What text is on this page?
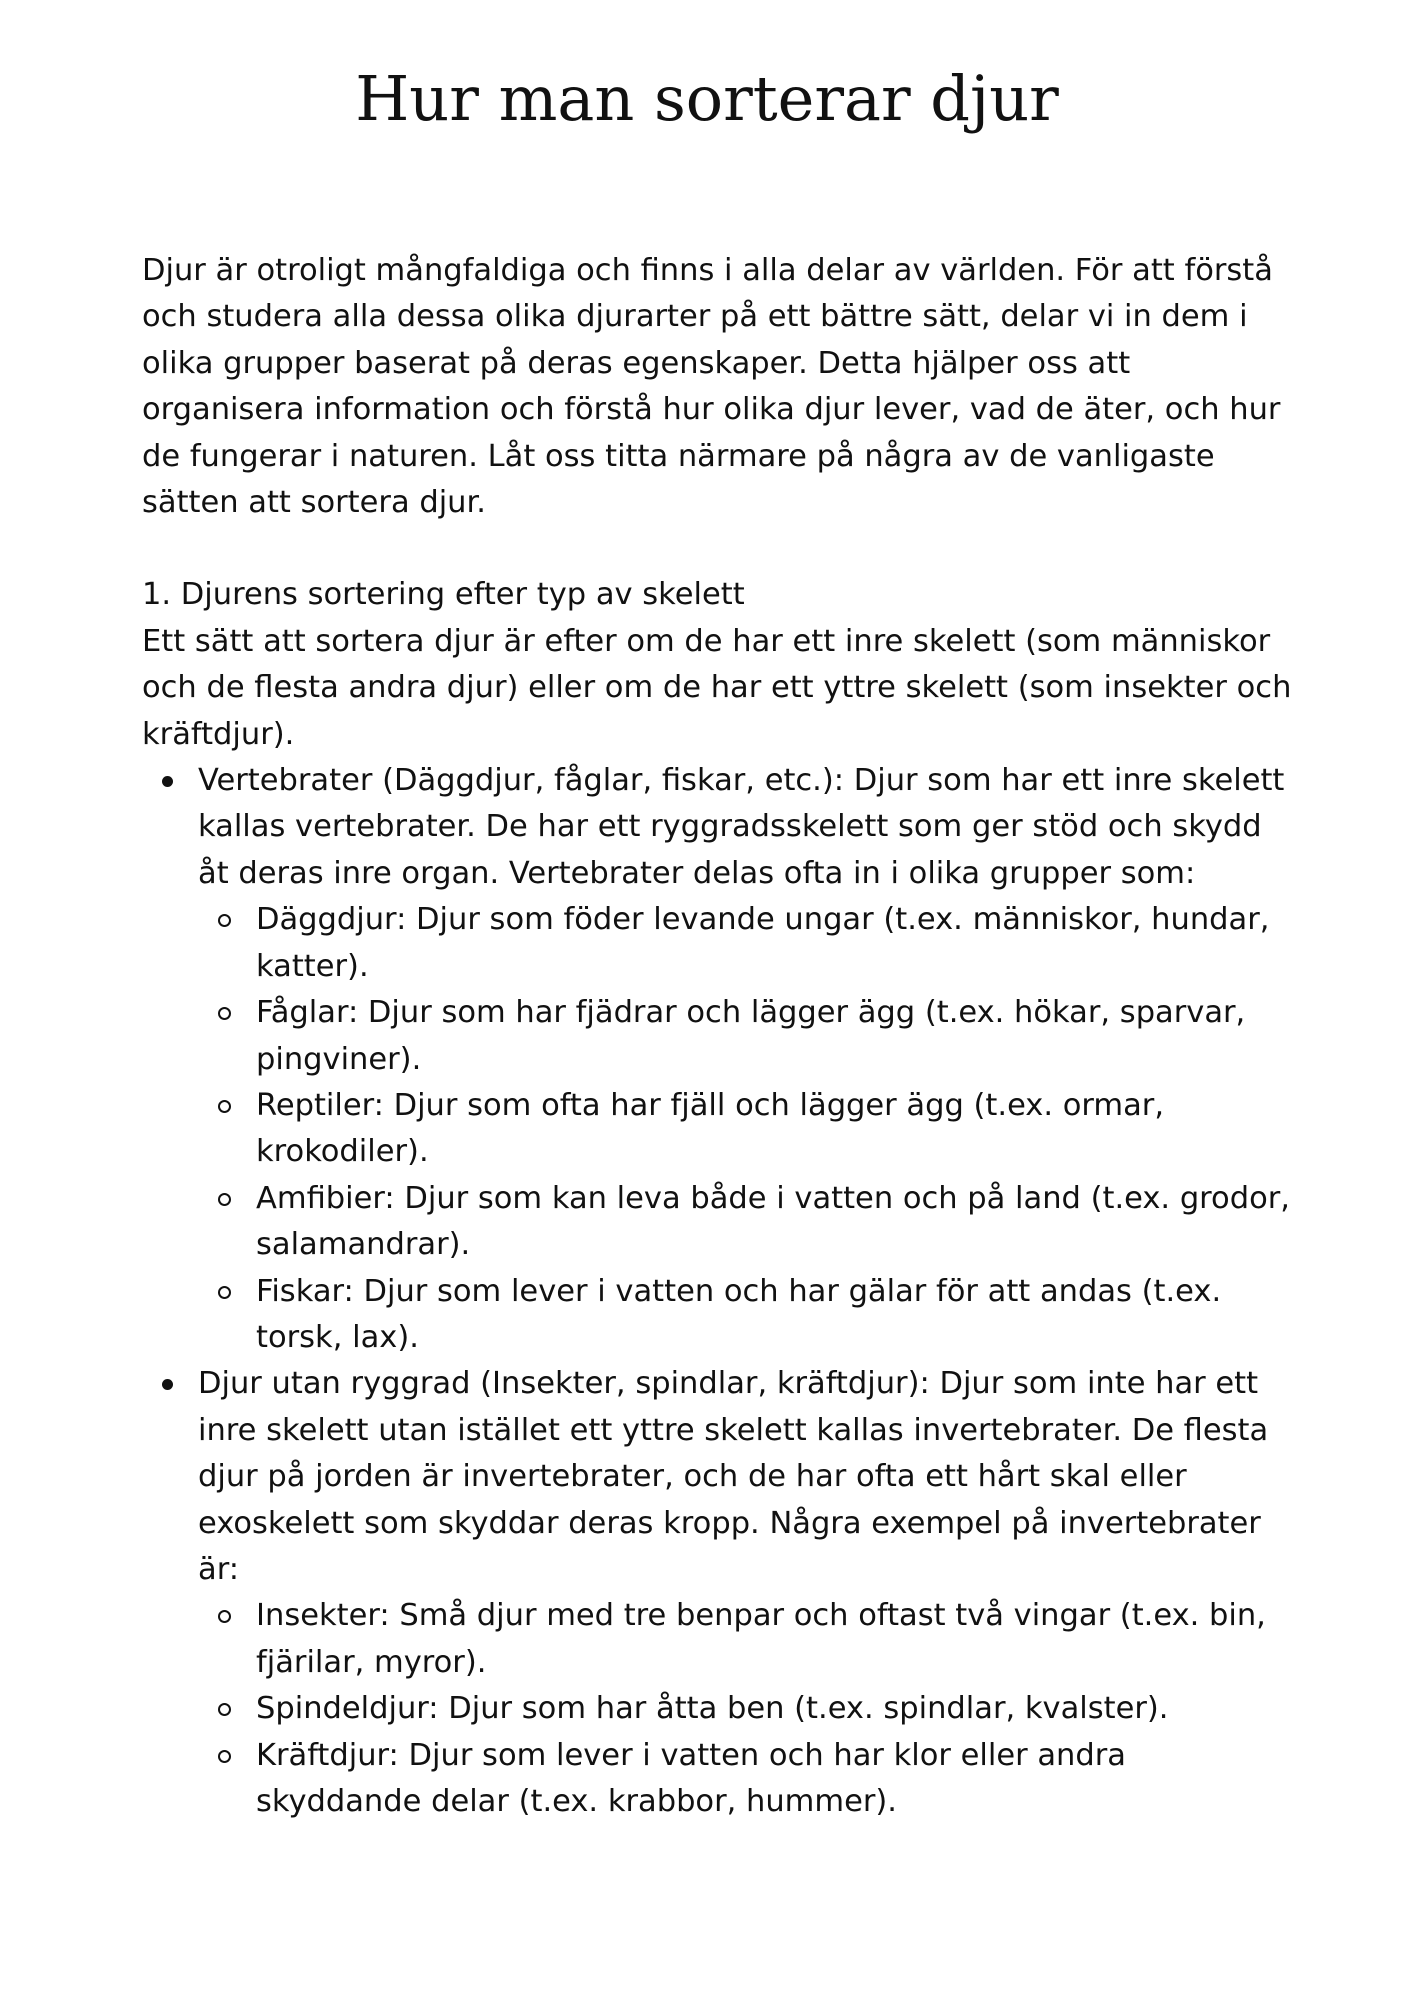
Hur man sorterar djur

Djur är otroligt mångfaldiga och finns i alla delar av världen. För att förstå och studera alla dessa olika djurarter på ett bättre sätt, delar vi in dem i olika grupper baserat på deras egenskaper. Detta hjälper oss att organisera information och förstå hur olika djur lever, vad de äter, och hur de fungerar i naturen. Låt oss titta närmare på några av de vanligaste sätten att sortera djur.

1. Djurens sortering efter typ av skelett

Ett sätt att sortera djur är efter om de har ett inre skelett (som människor och de flesta andra djur) eller om de har ett yttre skelett (som insekter och kräftdjur).

Vertebrater (Däggdjur, fåglar, fiskar, etc.): Djur som har ett inre skelett kallas vertebrater. De har ett ryggradsskelett som ger stöd och skydd åt deras inre organ. Vertebrater delas ofta in i olika grupper som:
Däggdjur: Djur som föder levande ungar (t.ex. människor, hundar, katter).
Fåglar: Djur som har fjädrar och lägger ägg (t.ex. hökar, sparvar, pingviner).
Reptiler: Djur som ofta har fjäll och lägger ägg (t.ex. ormar, krokodiler).
Amfibier: Djur som kan leva både i vatten och på land (t.ex. grodor, salamandrar).
Fiskar: Djur som lever i vatten och har gälar för att andas (t.ex. torsk, lax).
Djur utan ryggrad (Insekter, spindlar, kräftdjur): Djur som inte har ett inre skelett utan istället ett yttre skelett kallas invertebrater. De flesta djur på jorden är invertebrater, och de har ofta ett hårt skal eller exoskelett som skyddar deras kropp. Några exempel på invertebrater är:
Insekter: Små djur med tre benpar och oftast två vingar (t.ex. bin, fjärilar, myror).
Spindeldjur: Djur som har åtta ben (t.ex. spindlar, kvalster).
Kräftdjur: Djur som lever i vatten och har klor eller andra skyddande delar (t.ex. krabbor, hummer).
